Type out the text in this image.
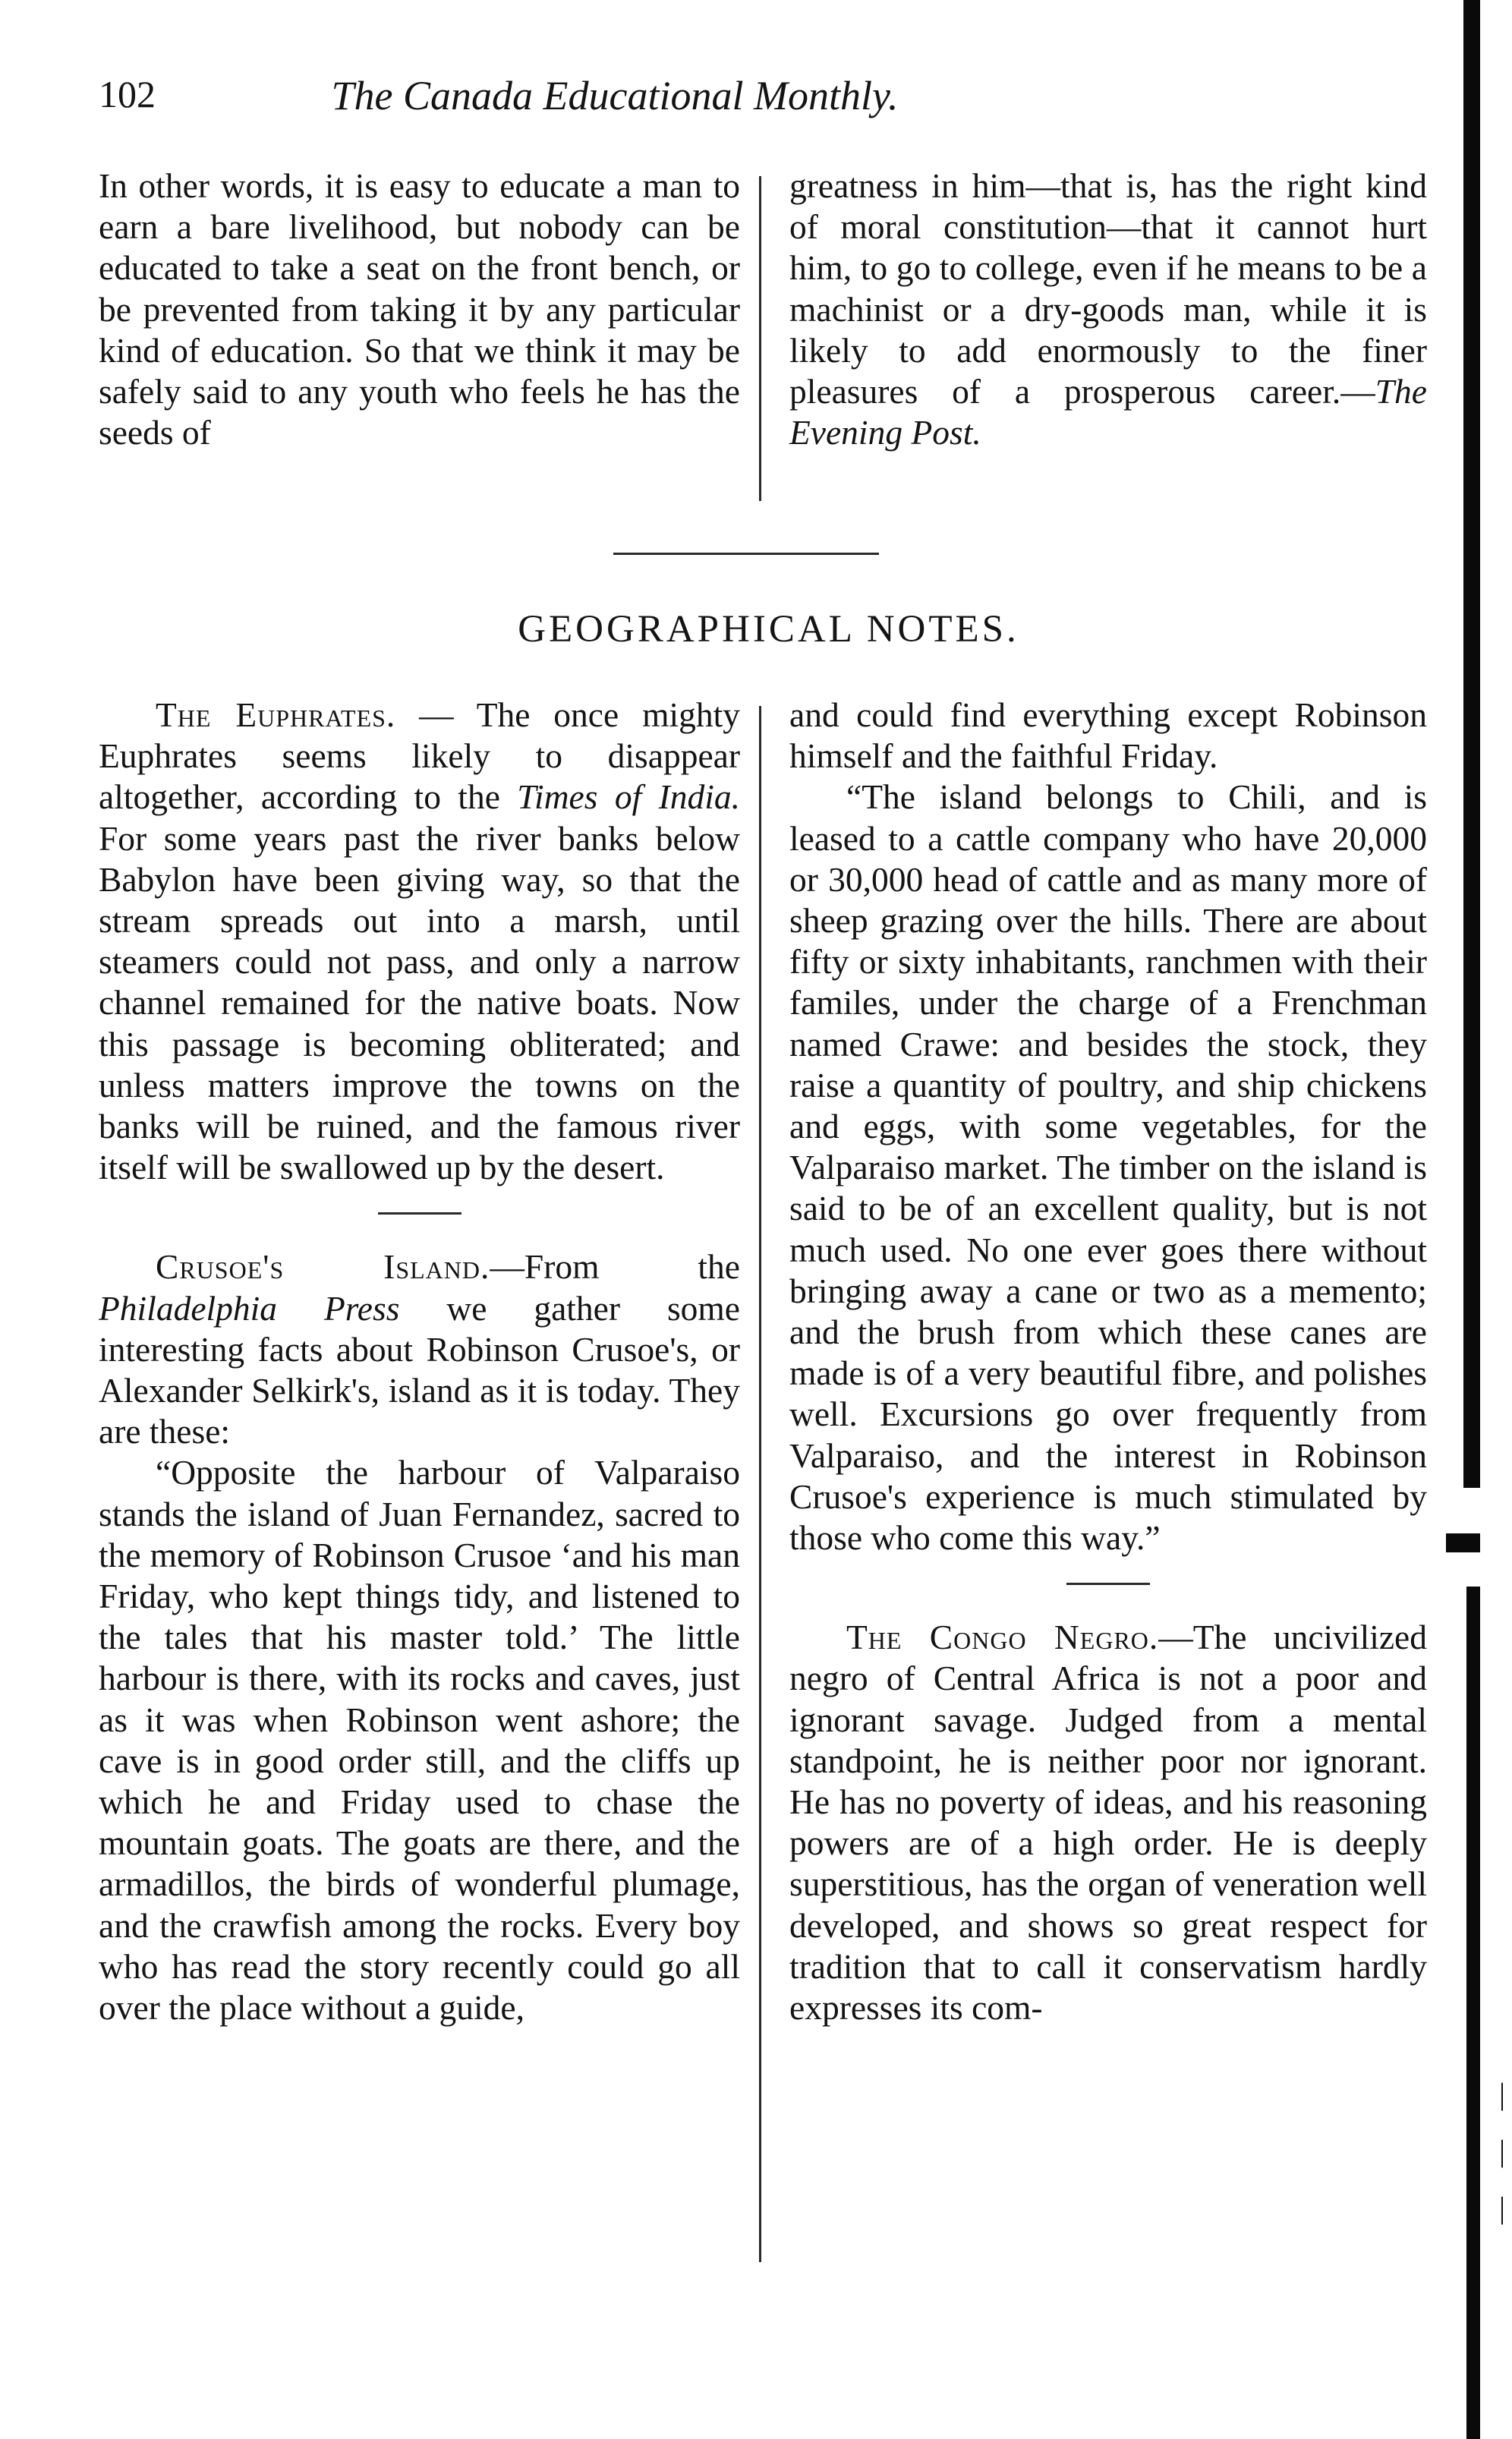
102	The Canada Educational Monthly.

In other words, it is easy to educate a man to earn a bare livelihood, but nobody can be educated to take a seat on the front bench, or be prevented from taking it by any particular kind of education. So that we think it may be safely said to any youth who feels he has the seeds of

greatness in him—that is, has the right kind of moral constitution—that it cannot hurt him, to go to college, even if he means to be a machinist or a dry-goods man, while it is likely to add enormously to the finer pleasures of a prosperous career.—The Evening Post.

GEOGRAPHICAL NOTES.

The Euphrates. — The once mighty Euphrates seems likely to disappear altogether, according to the Times of India. For some years past the river banks below Babylon have been giving way, so that the stream spreads out into a marsh, until steamers could not pass, and only a narrow channel remained for the native boats. Now this passage is becoming obliterated; and unless matters improve the towns on the banks will be ruined, and the famous river itself will be swallowed up by the desert.

Crusoe's Island.—From the Philadelphia Press we gather some interesting facts about Robinson Crusoe's, or Alexander Selkirk's, island as it is today. They are these:

“Opposite the harbour of Valparaiso stands the island of Juan Fernandez, sacred to the memory of Robinson Crusoe ‘and his man Friday, who kept things tidy, and listened to the tales that his master told.’ The little harbour is there, with its rocks and caves, just as it was when Robinson went ashore; the cave is in good order still, and the cliffs up which he and Friday used to chase the mountain goats. The goats are there, and the armadillos, the birds of wonderful plumage, and the crawfish among the rocks. Every boy who has read the story recently could go all over the place without a guide,

and could find everything except Robinson himself and the faithful Friday.

“The island belongs to Chili, and is leased to a cattle company who have 20,000 or 30,000 head of cattle and as many more of sheep grazing over the hills. There are about fifty or sixty inhabitants, ranchmen with their familes, under the charge of a Frenchman named Crawe: and besides the stock, they raise a quantity of poultry, and ship chickens and eggs, with some vegetables, for the Valparaiso market. The timber on the island is said to be of an excellent quality, but is not much used. No one ever goes there without bringing away a cane or two as a memento; and the brush from which these canes are made is of a very beautiful fibre, and polishes well. Excursions go over frequently from Valparaiso, and the interest in Robinson Crusoe's experience is much stimulated by those who come this way.”

The Congo Negro.—The uncivilized negro of Central Africa is not a poor and ignorant savage. Judged from a mental standpoint, he is neither poor nor ignorant. He has no poverty of ideas, and his reasoning powers are of a high order. He is deeply superstitious, has the organ of veneration well developed, and shows so great respect for tradition that to call it conservatism hardly expresses its com-

|
|
|
